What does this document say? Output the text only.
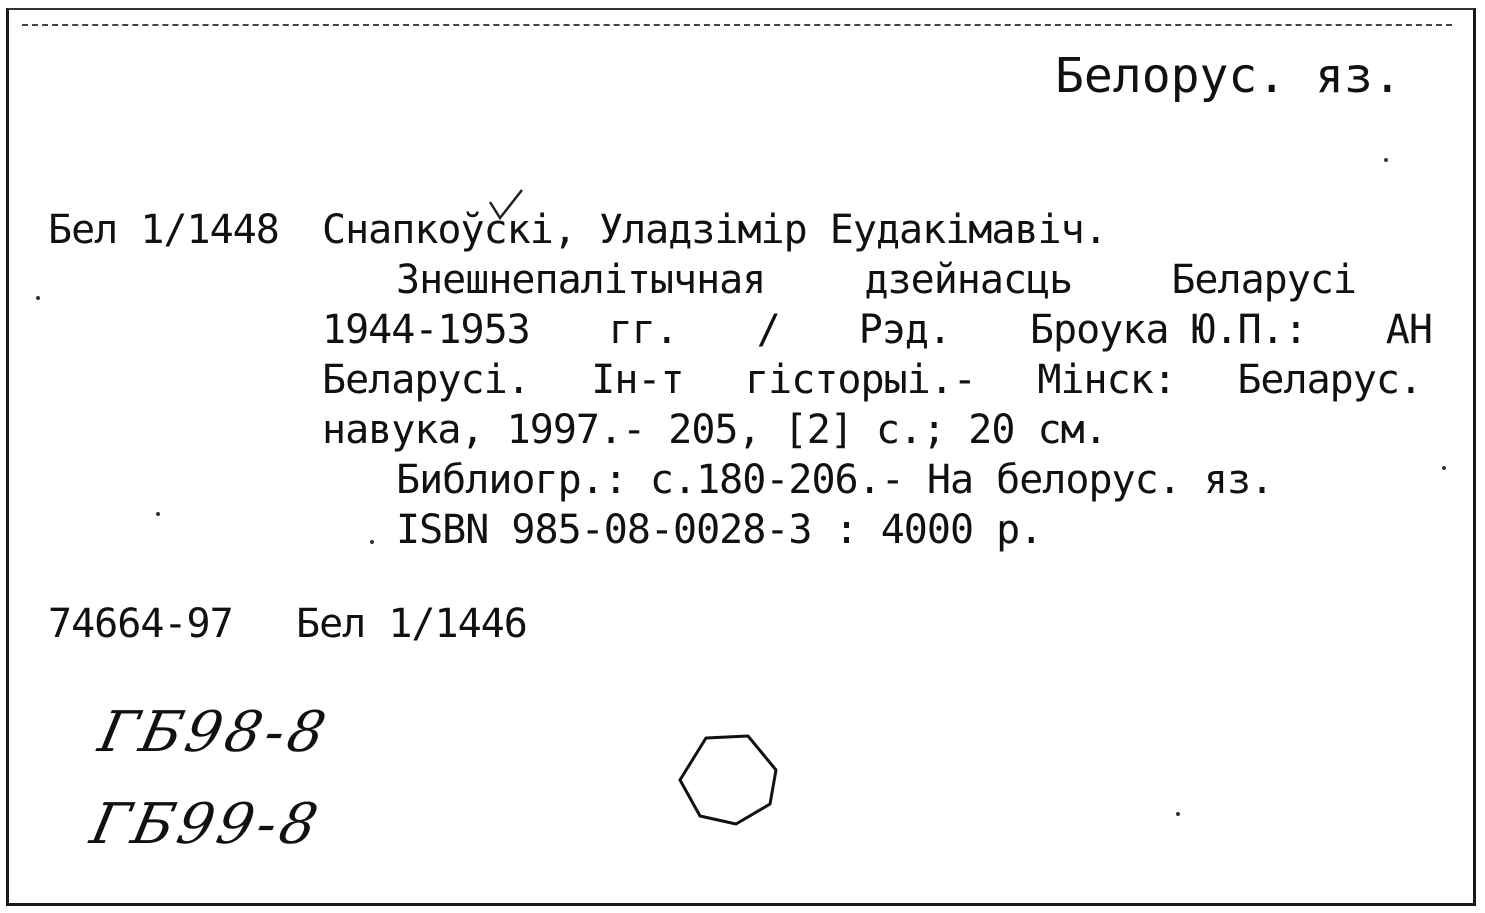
Белорус. яз.
Бел 1/1448 Снапкоўскі, Уладзімір Еудакімавіч.
Знешнепалітычная дзейнасць Беларусі
1944-1953 гг. / Рэд. Броука Ю.П.: АН
Беларусі. Ін-т гісторыі.- Мінск: Беларус.
навука, 1997.- 205, [2] с.; 20 см.
Библиогр.: с.180-206.- На белорус. яз.
ISBN 985-08-0028-3 : 4000 р.
74664-97 Бел 1/1446
ГБ98-8
ГБ99-8
